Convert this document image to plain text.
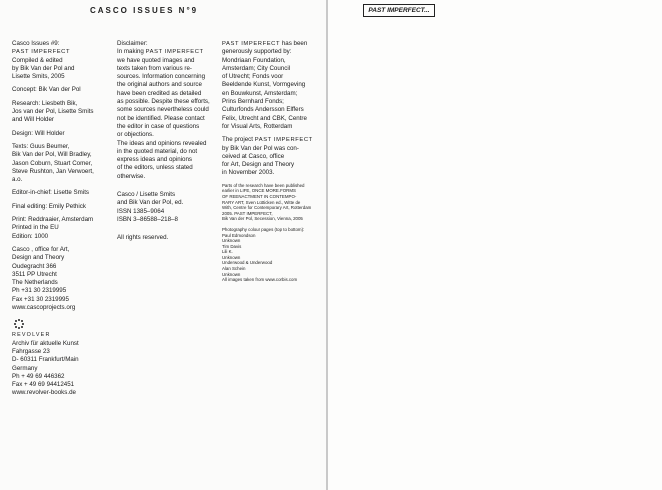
CASCO ISSUES N°9	PAST IMPERFECT...
Casco Issues #9:
PAST IMPERFECT
Compiled & edited
by Bik Van der Pol and
Lisette Smits, 2005
Concept: Bik Van der Pol
Research: Liesbeth Bik,
Jos van der Pol, Lisette Smits
and Will Holder
Design: Will Holder
Texts: Guus Beumer,
Bik Van der Pol, Will Bradley,
Jason Coburn, Stuart Comer,
Steve Rushton, Jan Verwoert, a.o.
Editor-in-chief: Lisette Smits
Final editing: Emily Pethick
Print: Reddraaier, Amsterdam
Printed in the EU
Edition: 1000
Casco , office for Art,
Design and Theory
Oudegracht 366
3511 PP Utrecht
The Netherlands
Ph +31 30 2319995
Fax +31 30 2319995
www.cascoprojects.org
REVOLVER
Archiv für aktuelle Kunst
Fahrgasse 23
D- 60311 Frankfurt/Main
Germany
Ph + 49 69 446362
Fax + 49 69 94412451
www.revolver-books.de
Disclaimer:
In making PAST IMPERFECT
we have quoted images and
texts taken from various re-
sources. Information concerning
the original authors and source
have been credited as detailed
as possible. Despite these efforts,
some sources nevertheless could
not be identified. Please contact
the editor in case of questions
or objections.
The ideas and opinions revealed
in the quoted material, do not
express ideas and opinions
of the editors, unless stated
otherwise.
Casco / Lisette Smits
and Bik Van der Pol, ed.
ISSN 1385–9064
ISBN 3–86588–218–8
All rights reserved.
PAST IMPERFECT has been
generously supported by:
Mondriaan Foundation,
Amsterdam; City Council
of Utrecht; Fonds voor
Beeldende Kunst, Vormgeving
en Bouwkunst, Amsterdam;
Prins Bernhard Fonds;
Culturfonds Andersson Elffers
Felix, Utrecht and CBK, Centre
for Visual Arts, Rotterdam
The project PAST IMPERFECT
by Bik Van der Pol was con-
ceived at Casco, office
for Art, Design and Theory
in November 2003.
Parts of the research have been published
earlier in LIFE, ONCE MORE.FORMS
OF REENACTMENT IN CONTEMPO-
RARY ART, Sven Lütticken ed., Witte de
With, Centre for Contemporary Art, Rotterdam
2005. PAST IMPERFECT,
Bik Van der Pol, Secession, Vienna, 2005
Photography colour pages (top to bottom):
Paul Edmondson
Unknown
Tim Davis
Lili K.
Unknown
Underwood & Underwood
Alan Schein
Unknown
All images taken from www.corbis.com
